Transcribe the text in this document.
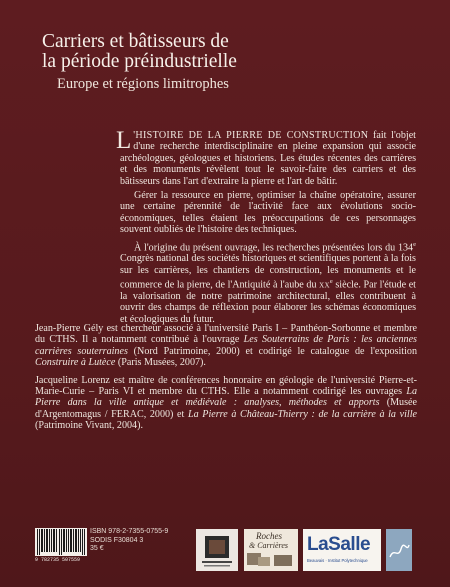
Carriers et bâtisseurs de
la période préindustrielle
Europe et régions limitrophes

L 'HISTOIRE DE LA PIERRE DE CONSTRUCTION fait l'objet d'une recherche interdisciplinaire en pleine expansion qui associe archéologues, géologues et historiens. Les études récentes des carrières et des monuments révèlent tout le savoir-faire des carriers et des bâtisseurs dans l'art d'extraire la pierre et l'art de bâtir.

Gérer la ressource en pierre, optimiser la chaîne opératoire, assurer une certaine pérennité de l'activité face aux évolutions socio-économiques, telles étaient les préoccupations de ces personnages souvent oubliés de l'histoire des techniques.

À l'origine du présent ouvrage, les recherches présentées lors du 134e Congrès national des sociétés historiques et scientifiques portent à la fois sur les carrières, les chantiers de construction, les monuments et le commerce de la pierre, de l'Antiquité à l'aube du $xx^e$ siècle. Par l'étude et la valorisation de notre patrimoine architectural, elles contribuent à ouvrir des champs de réflexion pour élaborer les schémas économiques et écologiques du futur.

Jean-Pierre Gély est chercheur associé à l'université Paris I – Panthéon-Sorbonne et membre du CTHS. Il a notamment contribué à l'ouvrage Les Souterrains de Paris : les anciennes carrières souterraines (Nord Patrimoine, 2000) et codirigé le catalogue de l'exposition Construire à Lutèce (Paris Musées, 2007).

Jacqueline Lorenz est maître de conférences honoraire en géologie de l'université Pierre-et-Marie-Curie – Paris VI et membre du CTHS. Elle a notamment codirigé les ouvrages La Pierre dans la ville antique et médiévale : analyses, méthodes et apports (Musée d'Argentomagus / FERAC, 2000) et La Pierre à Château-Thierry : de la carrière à la ville (Patrimoine Vivant, 2004).

ISBN 978-2-7355-0755-9
SODIS F30804 3
35 €
9 782735 507559
Roches
& Carrières LaSalle
Beauvais · Institut Polytechnique
